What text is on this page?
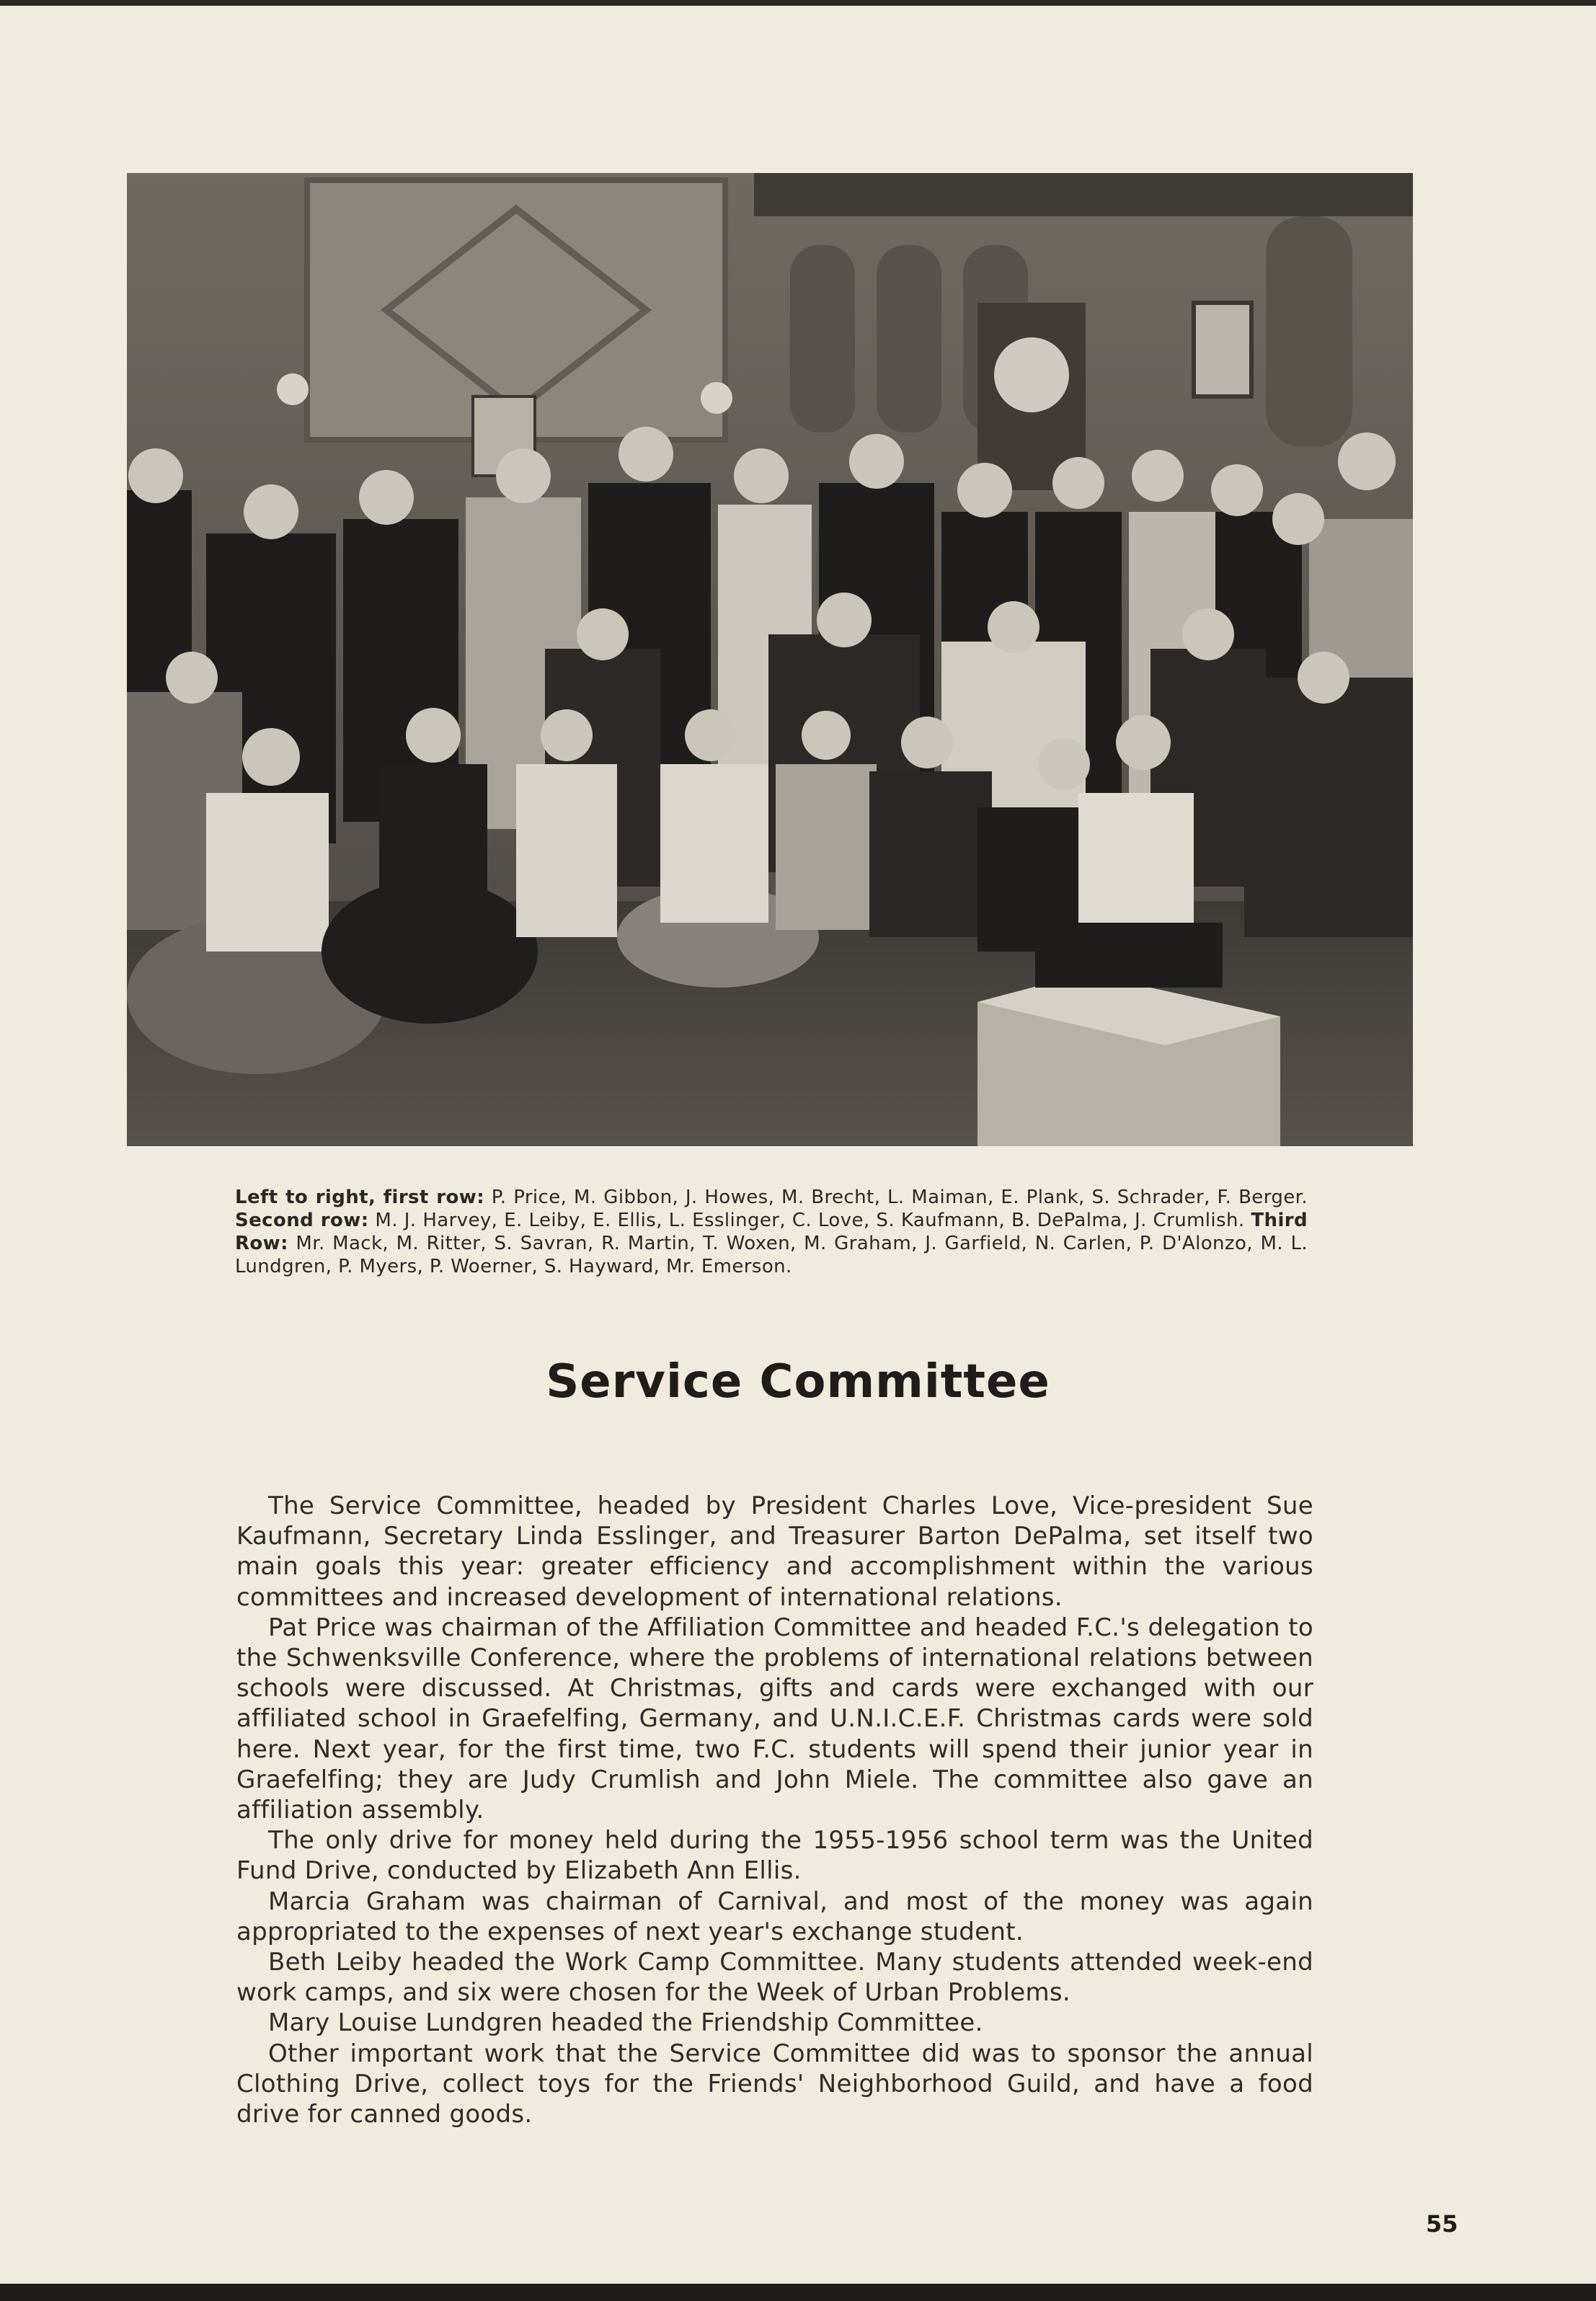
Left to right, first row: P. Price, M. Gibbon, J. Howes, M. Brecht, L. Maiman, E. Plank, S. Schrader, F. Berger. Second row: M. J. Harvey, E. Leiby, E. Ellis, L. Esslinger, C. Love, S. Kaufmann, B. DePalma, J. Crumlish. Third Row: Mr. Mack, M. Ritter, S. Savran, R. Martin, T. Woxen, M. Graham, J. Garfield, N. Carlen, P. D'Alonzo, M. L. Lundgren, P. Myers, P. Woerner, S. Hayward, Mr. Emerson.
Service Committee

The Service Committee, headed by President Charles Love, Vice-president Sue Kaufmann, Secretary Linda Esslinger, and Treasurer Barton DePalma, set itself two main goals this year: greater efficiency and accomplishment within the various committees and increased development of international relations.

Pat Price was chairman of the Affiliation Committee and headed F.C.'s delegation to the Schwenksville Conference, where the problems of international relations between schools were discussed. At Christmas, gifts and cards were exchanged with our affiliated school in Graefelfing, Germany, and U.N.I.C.E.F. Christmas cards were sold here. Next year, for the first time, two F.C. students will spend their junior year in Graefelfing; they are Judy Crumlish and John Miele. The committee also gave an affiliation assembly.

The only drive for money held during the 1955-1956 school term was the United Fund Drive, conducted by Elizabeth Ann Ellis.

Marcia Graham was chairman of Carnival, and most of the money was again appropriated to the expenses of next year's exchange student.

Beth Leiby headed the Work Camp Committee. Many students attended week-end work camps, and six were chosen for the Week of Urban Problems.

Mary Louise Lundgren headed the Friendship Committee.

Other important work that the Service Committee did was to sponsor the annual Clothing Drive, collect toys for the Friends' Neighborhood Guild, and have a food drive for canned goods.

55
